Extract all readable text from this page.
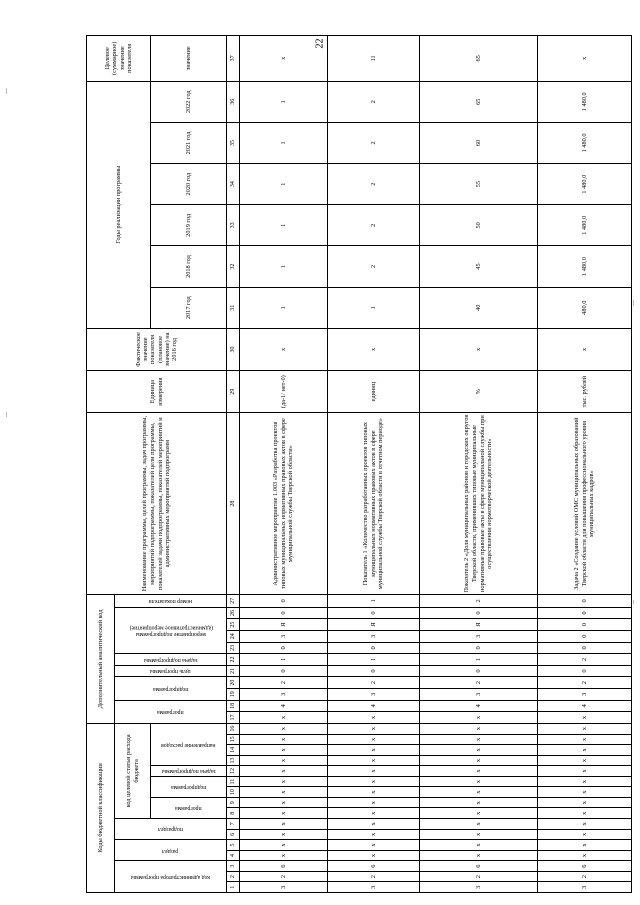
22
Коды бюджетной классификации																Дополнительный аналитический код											Наименование программы, целей программы, задач программы, мероприятий подпрограммы, показателей цели программы, показателей задачи подпрограммы, показателей мероприятий и административных мероприятий подпрограмм	Единица измерения	Фактическое значение показателя (плановое значение) на 2016 год	Годы реализации программы						Целевое (суммарное) значение показателя

код администратора программы			раздел		подраздел		код целевой статьи расхода бюджета									программа		подпрограмма		цель программы	задача подпрограммы	мероприятие подпрограммы (административное мероприятие)				номер показателя										

							программа		подпрограмма		задача подпрограммы	направление расходов																		2017 год	2018 год	2019 год	2020 год	2021 год	2022 год	значение
1	2	3	4	5	6	7	8	9	10	11	12	13	14	15	16	17	18	19	20	21	22	23	24	25	26	27	28	29	30	31	32	33	34	35	36	37
3	2	6	х	х	х	х	х	х	х	х	х	х	х	х	х	х	4	3	2	0	1	0	3	Я	0	0	Административное мероприятие 1.003 «Разработка проектов типовых муниципальных нормативных правовых актов в сфере муниципальной службы Тверской области»	(да-1/ нет-0)	х	1	1	1	1	1	1	х
3	2	6	х	х	х	х	х	х	х	х	х	х	х	х	х	х	4	3	2	0	1	0	3	Я	0	1	Показатель 1 «Количество разработанных проектов типовых муниципальных нормативных правовых актов в сфере муниципальной службы Тверской области в отчетном периоде»	единиц	х	1	2	2	2	2	2	11
3	2	6	х	х	х	х	х	х	х	х	х	х	х	х	х	х	4	3	2	0	1	0	3	Я	0	2	Показатель 2 «Доля муниципальных районов и городских округов Тверской области, применивших типовые муниципальные нормативные правовые акты в сфере муниципальной службы при осуществлении нормотворческой деятельности»	%	х	40	45	50	55	60	65	65
3	2	6	х	х	х	х	х	х	х	х	х	х	х	х	х	х	4	3	2	0	2	0	0	0	0	0	Задача 2 «Создание условий ОМС муниципальных образований Тверской области для повышения профессионального уровня муниципальных кадров»	тыс. рублей	х	480,0	1 480,0	1 480,0	1 480,0	1 480,0	1 480,0	х
